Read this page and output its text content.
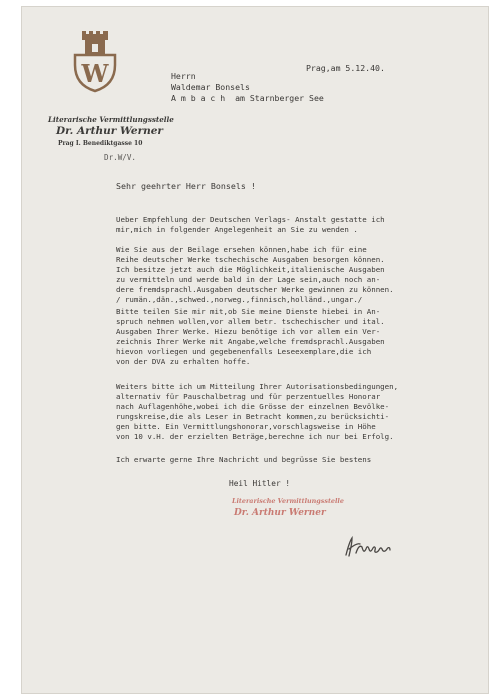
W
Literarische Vermittlungsstelle
Dr. Arthur Werner
Prag I. Benediktgasse 10
Prag,am 5.12.40.
Herrn
Waldemar Bonsels
A m b a c h  am Starnberger See
Dr.W/V.
Sehr geehrter Herr Bonsels !
Ueber Empfehlung der Deutschen Verlags- Anstalt gestatte ich
mir,mich in folgender Angelegenheit an Sie zu wenden .
Wie Sie aus der Beilage ersehen können,habe ich für eine
Reihe deutscher Werke tschechische Ausgaben besorgen können.
Ich besitze jetzt auch die Möglichkeit,italienische Ausgaben
zu vermitteln und werde bald in der Lage sein,auch noch an-
dere fremdsprachl.Ausgaben deutscher Werke gewinnen zu können.
/ rumän.,dän.,schwed.,norweg.,finnisch,holländ.,ungar./
Bitte teilen Sie mir mit,ob Sie meine Dienste hiebei in An-
spruch nehmen wollen,vor allem betr. tschechischer und ital.
Ausgaben Ihrer Werke. Hiezu benötige ich vor allem ein Ver-
zeichnis Ihrer Werke mit Angabe,welche fremdsprachl.Ausgaben
hievon vorliegen und gegebenenfalls Leseexemplare,die ich
von der DVA zu erhalten hoffe.
Weiters bitte ich um Mitteilung Ihrer Autorisationsbedingungen,
alternativ für Pauschalbetrag und für perzentuelles Honorar
nach Auflagenhöhe,wobei ich die Grösse der einzelnen Bevölke-
rungskreise,die als Leser in Betracht kommen,zu berücksichti-
gen bitte. Ein Vermittlungshonorar,vorschlagsweise in Höhe
von 10 v.H. der erzielten Beträge,berechne ich nur bei Erfolg.
Ich erwarte gerne Ihre Nachricht und begrüsse Sie bestens
Heil Hitler !
Literarische Vermittlungsstelle
Dr. Arthur Werner
